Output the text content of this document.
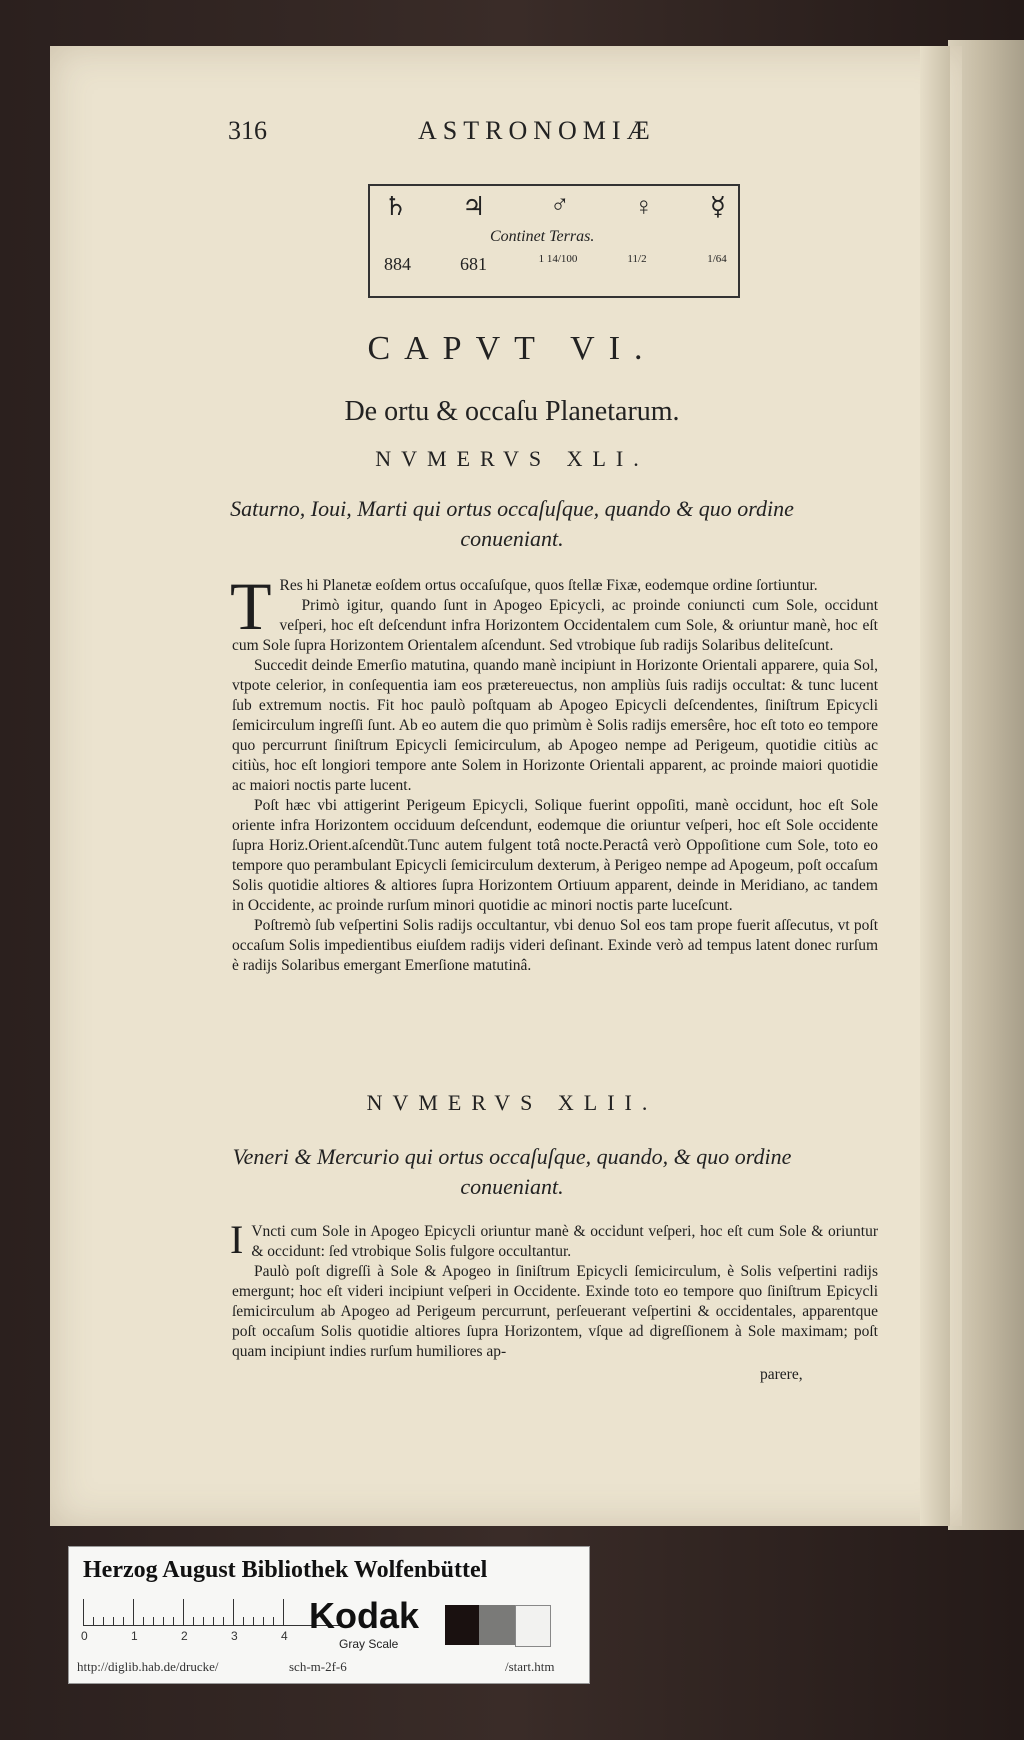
316	ASTRONOMIÆ
♄ ♃ ♂ ♀ ☿
Continet Terras.
884	681	1 14/100	11/2	1/64
CAPVT VI.
De ortu & occaſu Planetarum.
NVMERVS XLI.
Saturno, Ioui, Marti qui ortus occaſuſque, quando & quo ordine
conueniant.

T Res hi Planetæ eoſdem ortus occaſuſque, quos ſtellæ Fixæ, eodemque ordine ſortiuntur.

Primò igitur, quando ſunt in Apogeo Epicycli, ac proinde coniuncti cum Sole, occidunt veſperi, hoc eſt deſcendunt infra Horizontem Occidentalem cum Sole, & oriuntur manè, hoc eſt cum Sole ſupra Horizontem Orientalem aſcendunt. Sed vtrobique ſub radijs Solaribus deliteſcunt.

Succedit deinde Emerſio matutina, quando manè incipiunt in Horizonte Orientali apparere, quia Sol, vtpote celerior, in conſequentia iam eos prætereuectus, non ampliùs ſuis radijs occultat: & tunc lucent ſub extremum noctis. Fit hoc paulò poſtquam ab Apogeo Epicycli deſcendentes, ſiniſtrum Epicycli ſemicirculum ingreſſi ſunt. Ab eo autem die quo primùm è Solis radijs emersêre, hoc eſt toto eo tempore quo percurrunt ſiniſtrum Epicycli ſemicirculum, ab Apogeo nempe ad Perigeum, quotidie citiùs ac citiùs, hoc eſt longiori tempore ante Solem in Horizonte Orientali apparent, ac proinde maiori quotidie ac maiori noctis parte lucent.

Poſt hæc vbi attigerint Perigeum Epicycli, Solique fuerint oppoſiti, manè occidunt, hoc eſt Sole oriente infra Horizontem occiduum deſcendunt, eodemque die oriuntur veſperi, hoc eſt Sole occidente ſupra Horiz.Orient.aſcendũt.Tunc autem fulgent totâ nocte.Peractâ verò Oppoſitione cum Sole, toto eo tempore quo perambulant Epicycli ſemicirculum dexterum, à Perigeo nempe ad Apogeum, poſt occaſum Solis quotidie altiores & altiores ſupra Horizontem Ortiuum apparent, deinde in Meridiano, ac tandem in Occidente, ac proinde rurſum minori quotidie ac minori noctis parte luceſcunt.

Poſtremò ſub veſpertini Solis radijs occultantur, vbi denuo Sol eos tam prope fuerit aſſecutus, vt poſt occaſum Solis impedientibus eiuſdem radijs videri deſinant. Exinde verò ad tempus latent donec rurſum è radijs Solaribus emergant Emerſione matutinâ.

NVMERVS XLII.
Veneri & Mercurio qui ortus occaſuſque, quando, & quo ordine
conueniant.

I Vncti cum Sole in Apogeo Epicycli oriuntur manè & occidunt veſperi, hoc eſt cum Sole & oriuntur & occidunt: ſed vtrobique Solis fulgore occultantur.

Paulò poſt digreſſi à Sole & Apogeo in ſiniſtrum Epicycli ſemicirculum, è Solis veſpertini radijs emergunt; hoc eſt videri incipiunt veſperi in Occidente. Exinde toto eo tempore quo ſiniſtrum Epicycli ſemicirculum ab Apogeo ad Perigeum percurrunt, perſeuerant veſpertini & occidentales, apparentque poſt occaſum Solis quotidie altiores ſupra Horizontem, vſque ad digreſſionem à Sole maximam; poſt quam incipiunt indies rurſum humiliores ap-

parere,
Herzog August Bibliothek Wolfenbüttel
0	1	2	3	4 Kodak
Gray Scale
http://diglib.hab.de/drucke/	sch-m-2f-6	/start.htm
